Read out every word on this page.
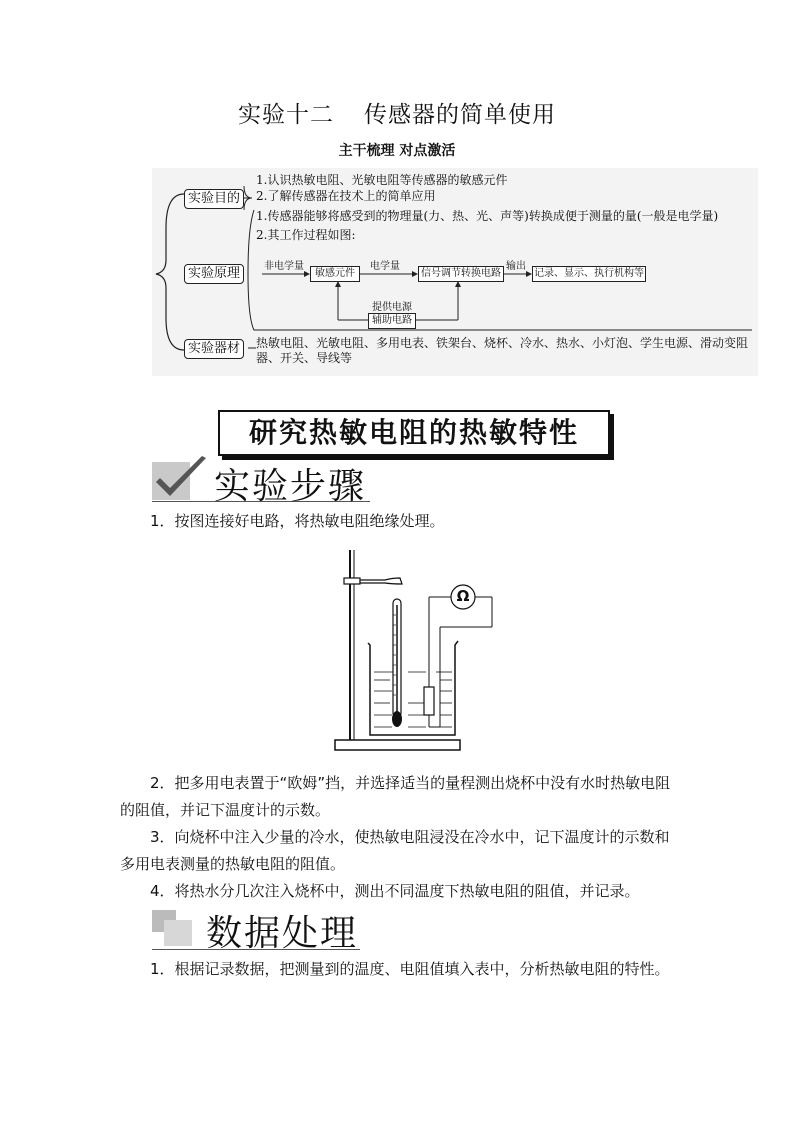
实验十二 传感器的简单使用
主干梳理 对点激活
实验目的
1.认识热敏电阻、光敏电阻等传感器的敏感元件
2.了解传感器在技术上的简单应用
实验原理
1.传感器能够将感受到的物理量(力、热、光、声等)转换成便于测量的量(一般是电学量)
2.其工作过程如图:
非电学量
敏感元件
电学量
信号调节转换电路
输出
记录、显示、执行机构等
提供电源
辅助电路
实验器材	热敏电阻、光敏电阻、多用电表、铁架台、烧杯、冷水、热水、小灯泡、学生电源、滑动变阻器、开关、导线等
研究热敏电阻的热敏特性
实验步骤
1．按图连接好电路，将热敏电阻绝缘处理。
Ω
2．把多用电表置于“欧姆”挡，并选择适当的量程测出烧杯中没有水时热敏电阻的阻值，并记下温度计的示数。
3．向烧杯中注入少量的冷水，使热敏电阻浸没在冷水中，记下温度计的示数和多用电表测量的热敏电阻的阻值。
4．将热水分几次注入烧杯中，测出不同温度下热敏电阻的阻值，并记录。
数据处理
1．根据记录数据，把测量到的温度、电阻值填入表中，分析热敏电阻的特性。
